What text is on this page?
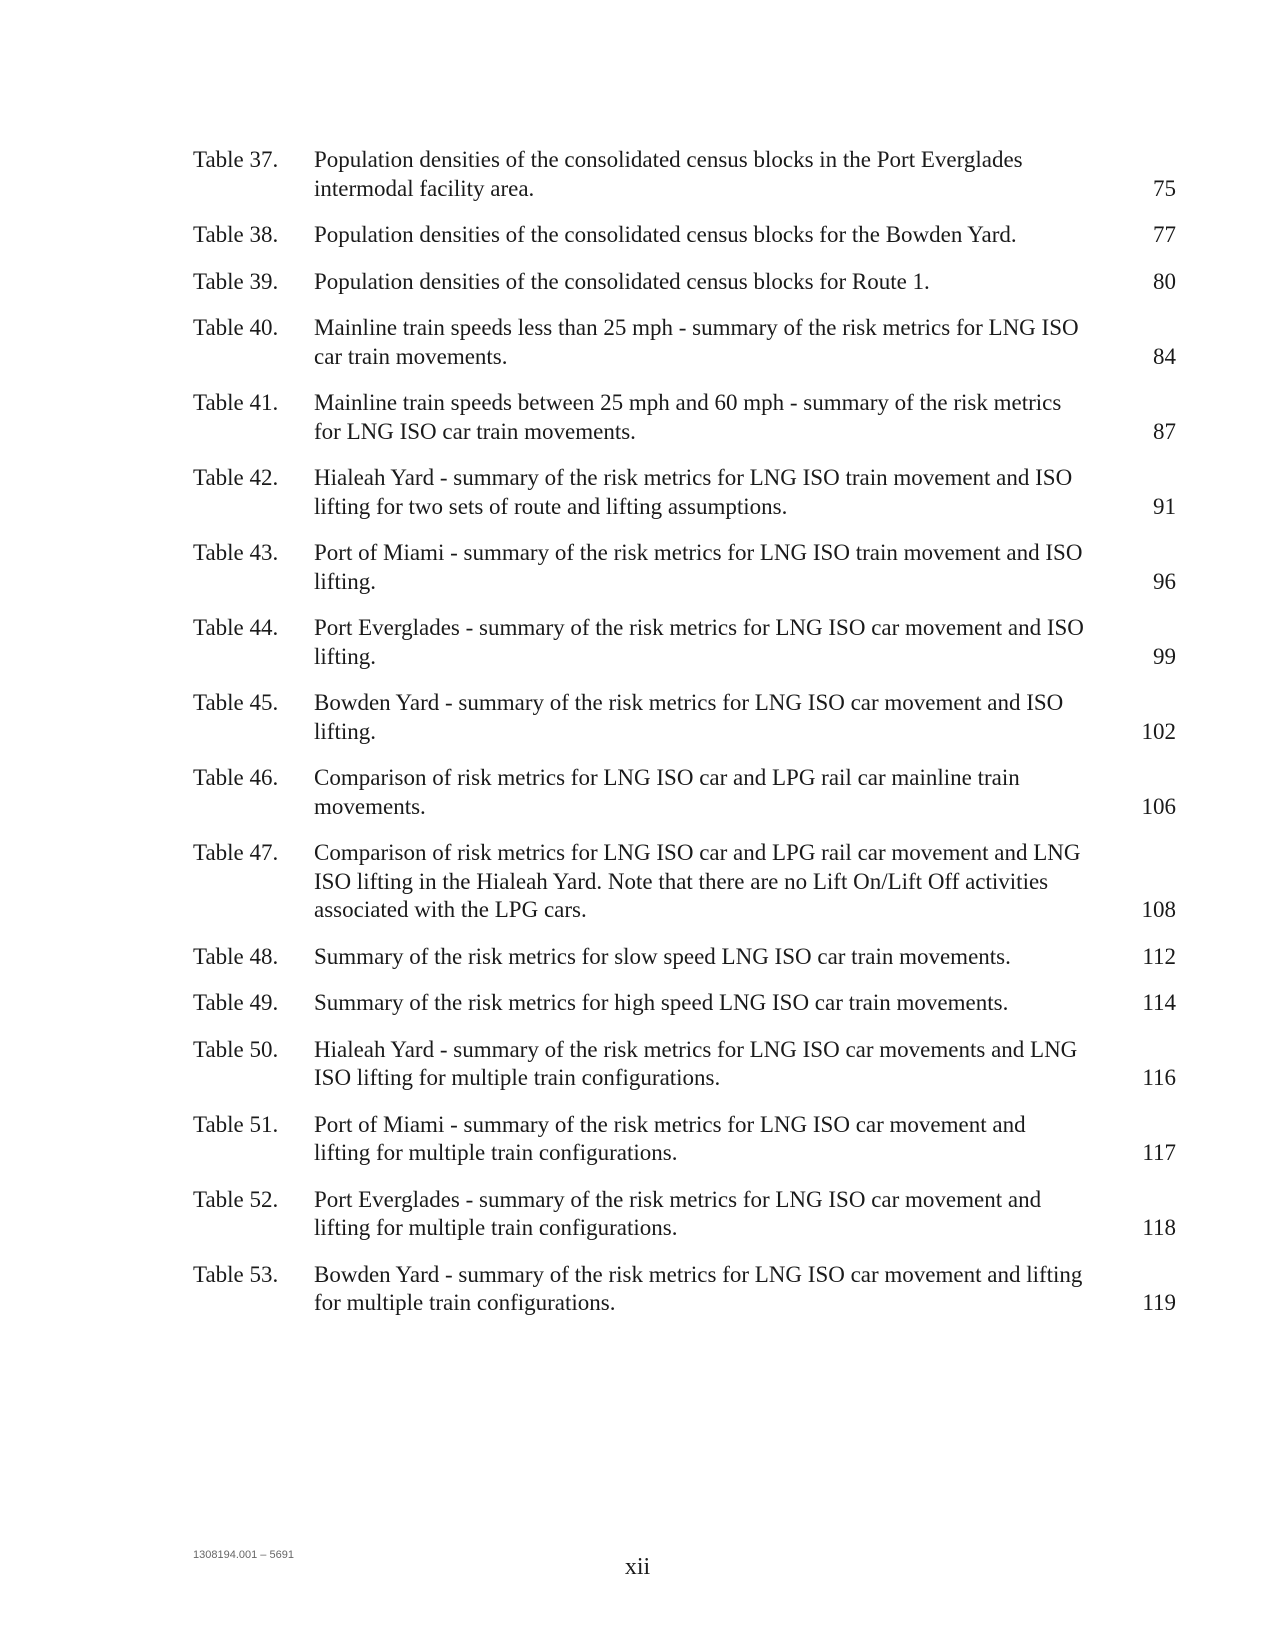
Table 37. Population densities of the consolidated census blocks in the Port Everglades intermodal facility area.	75
Table 38. Population densities of the consolidated census blocks for the Bowden Yard.	77
Table 39. Population densities of the consolidated census blocks for Route 1.	80
Table 40. Mainline train speeds less than 25 mph - summary of the risk metrics for LNG ISO car train movements.	84
Table 41. Mainline train speeds between 25 mph and 60 mph - summary of the risk metrics for LNG ISO car train movements.	87
Table 42. Hialeah Yard - summary of the risk metrics for LNG ISO train movement and ISO lifting for two sets of route and lifting assumptions.	91
Table 43. Port of Miami - summary of the risk metrics for LNG ISO train movement and ISO lifting.	96
Table 44. Port Everglades - summary of the risk metrics for LNG ISO car movement and ISO lifting.	99
Table 45. Bowden Yard - summary of the risk metrics for LNG ISO car movement and ISO lifting.	102
Table 46. Comparison of risk metrics for LNG ISO car and LPG rail car mainline train movements.	106
Table 47. Comparison of risk metrics for LNG ISO car and LPG rail car movement and LNG ISO lifting in the Hialeah Yard. Note that there are no Lift On/Lift Off activities associated with the LPG cars.	108
Table 48. Summary of the risk metrics for slow speed LNG ISO car train movements.	112
Table 49. Summary of the risk metrics for high speed LNG ISO car train movements.	114
Table 50. Hialeah Yard - summary of the risk metrics for LNG ISO car movements and LNG ISO lifting for multiple train configurations.	116
Table 51. Port of Miami - summary of the risk metrics for LNG ISO car movement and lifting for multiple train configurations.	117
Table 52. Port Everglades - summary of the risk metrics for LNG ISO car movement and lifting for multiple train configurations.	118
Table 53. Bowden Yard - summary of the risk metrics for LNG ISO car movement and lifting for multiple train configurations.	119
1308194.001 – 5691	xii
